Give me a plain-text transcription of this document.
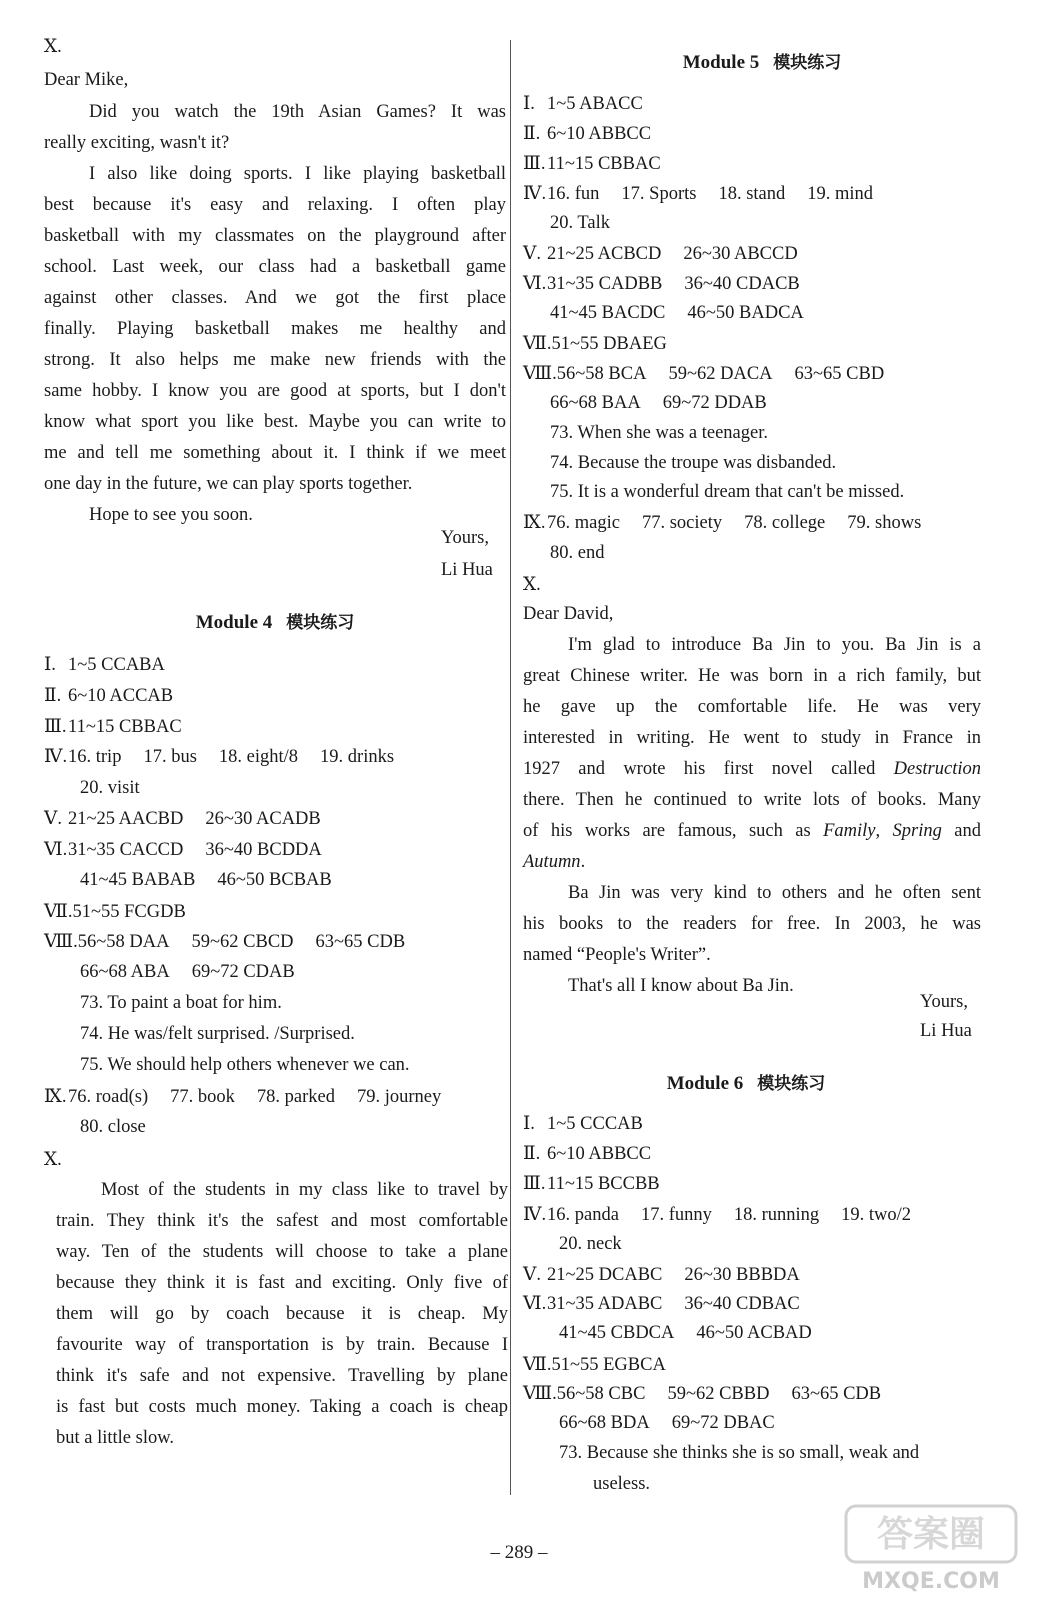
Ⅹ.
Dear Mike,
Did you watch the 19th Asian Games? It was
really exciting, wasn't it?
I also like doing sports. I like playing basketball
best because it's easy and relaxing. I often play
basketball with my classmates on the playground after
school. Last week, our class had a basketball game
against other classes. And we got the first place
finally. Playing basketball makes me healthy and
strong. It also helps me make new friends with the
same hobby. I know you are good at sports, but I don't
know what sport you like best. Maybe you can write to
me and tell me something about it. I think if we meet
one day in the future, we can play sports together.
Hope to see you soon.
Yours,
Li Hua
Module 4 模块练习
Ⅰ. 1~5 CCABA
Ⅱ. 6~10 ACCAB
Ⅲ.11~15 CBBAC
Ⅳ.16. trip 17. bus 18. eight/8 19. drinks
20. visit
Ⅴ. 21~25 AACBD 26~30 ACADB
Ⅵ.31~35 CACCD 36~40 BCDDA
41~45 BABAB 46~50 BCBAB
Ⅶ.51~55 FCGDB
Ⅷ.56~58 DAA 59~62 CBCD 63~65 CDB
66~68 ABA 69~72 CDAB
73. To paint a boat for him.
74. He was/felt surprised. /Surprised.
75. We should help others whenever we can.
Ⅸ.76. road(s) 77. book 78. parked 79. journey
80. close
Ⅹ.
Most of the students in my class like to travel by
train. They think it's the safest and most comfortable
way. Ten of the students will choose to take a plane
because they think it is fast and exciting. Only five of
them will go by coach because it is cheap. My
favourite way of transportation is by train. Because I
think it's safe and not expensive. Travelling by plane
is fast but costs much money. Taking a coach is cheap
but a little slow.
Module 5 模块练习
Ⅰ. 1~5 ABACC
Ⅱ. 6~10 ABBCC
Ⅲ.11~15 CBBAC
Ⅳ.16. fun 17. Sports 18. stand 19. mind
20. Talk
Ⅴ. 21~25 ACBCD 26~30 ABCCD
Ⅵ.31~35 CADBB 36~40 CDACB
41~45 BACDC 46~50 BADCA
Ⅶ.51~55 DBAEG
Ⅷ.56~58 BCA 59~62 DACA 63~65 CBD
66~68 BAA 69~72 DDAB
73. When she was a teenager.
74. Because the troupe was disbanded.
75. It is a wonderful dream that can't be missed.
Ⅸ.76. magic 77. society 78. college 79. shows
80. end
Ⅹ.
Dear David,
I'm glad to introduce Ba Jin to you. Ba Jin is a
great Chinese writer. He was born in a rich family, but
he gave up the comfortable life. He was very
interested in writing. He went to study in France in
1927 and wrote his first novel called Destruction
there. Then he continued to write lots of books. Many
of his works are famous, such as Family, Spring and
Autumn.
Ba Jin was very kind to others and he often sent
his books to the readers for free. In 2003, he was
named “People's Writer”.
That's all I know about Ba Jin.
Yours,
Li Hua
Module 6 模块练习
Ⅰ. 1~5 CCCAB
Ⅱ. 6~10 ABBCC
Ⅲ.11~15 BCCBB
Ⅳ.16. panda 17. funny 18. running 19. two/2
20. neck
Ⅴ. 21~25 DCABC 26~30 BBBDA
Ⅵ.31~35 ADABC 36~40 CDBAC
41~45 CBDCA 46~50 ACBAD
Ⅶ.51~55 EGBCA
Ⅷ.56~58 CBC 59~62 CBBD 63~65 CDB
66~68 BDA 69~72 DBAC
73. Because she thinks she is so small, weak and
useless.
– 289 –	答案圈
MXQE.COM
